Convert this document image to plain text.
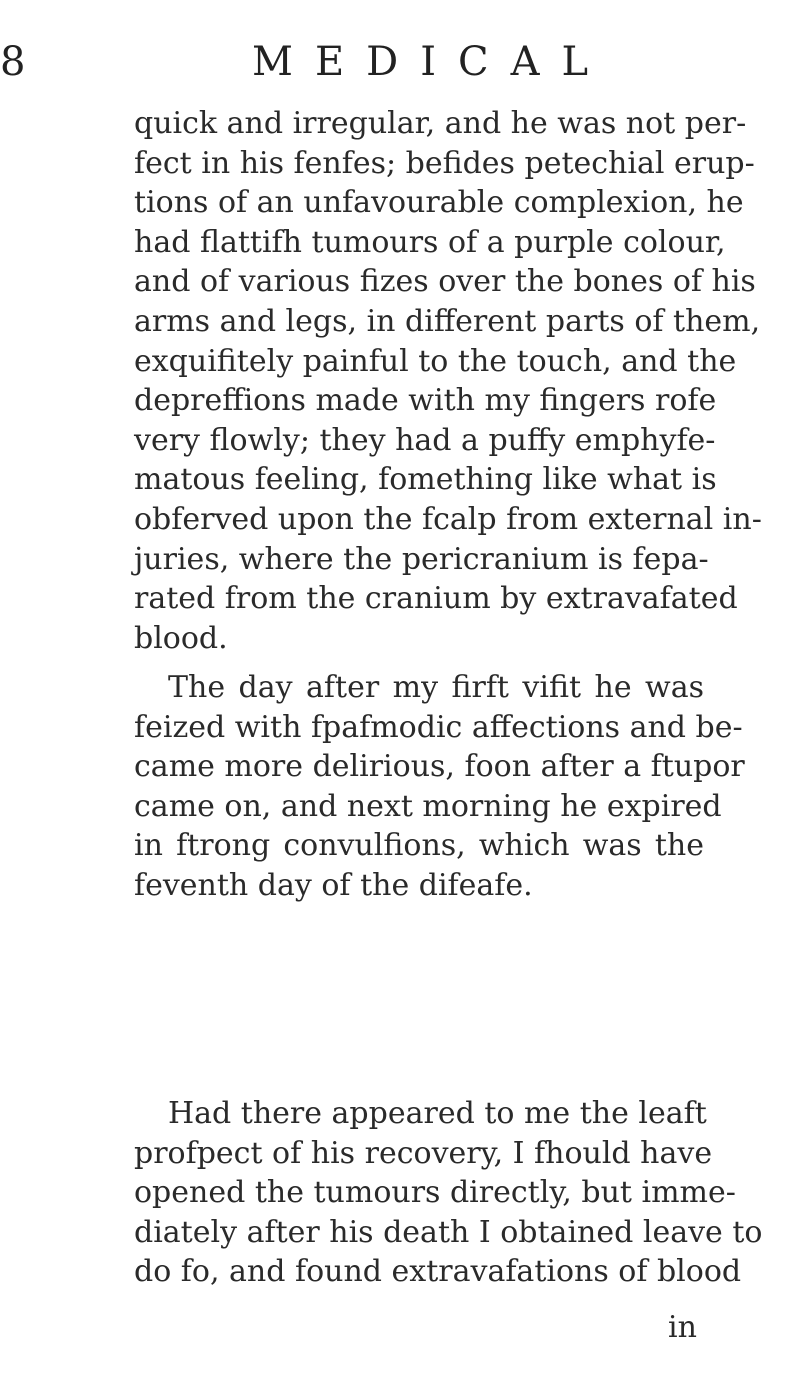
8	MEDICAL
quick and irregular, and he was not per-
fect in his fenfes; befides petechial erup-
tions of an unfavourable complexion, he
had flattifh tumours of a purple colour,
and of various fizes over the bones of his
arms and legs, in different parts of them,
exquifitely painful to the touch, and the
depreffions made with my fingers rofe
very flowly; they had a puffy emphyfe-
matous feeling, fomething like what is
obferved upon the fcalp from external in-
juries, where the pericranium is fepa-
rated from the cranium by extravafated
blood.
The day after my firft vifit he was
feized with fpafmodic affections and be-
came more delirious, foon after a ftupor
came on, and next morning he expired
in ftrong convulfions, which was the
feventh day of the difeafe.
Had there appeared to me the leaft
profpect of his recovery, I fhould have
opened the tumours directly, but imme-
diately after his death I obtained leave to
do fo, and found extravafations of blood
in
